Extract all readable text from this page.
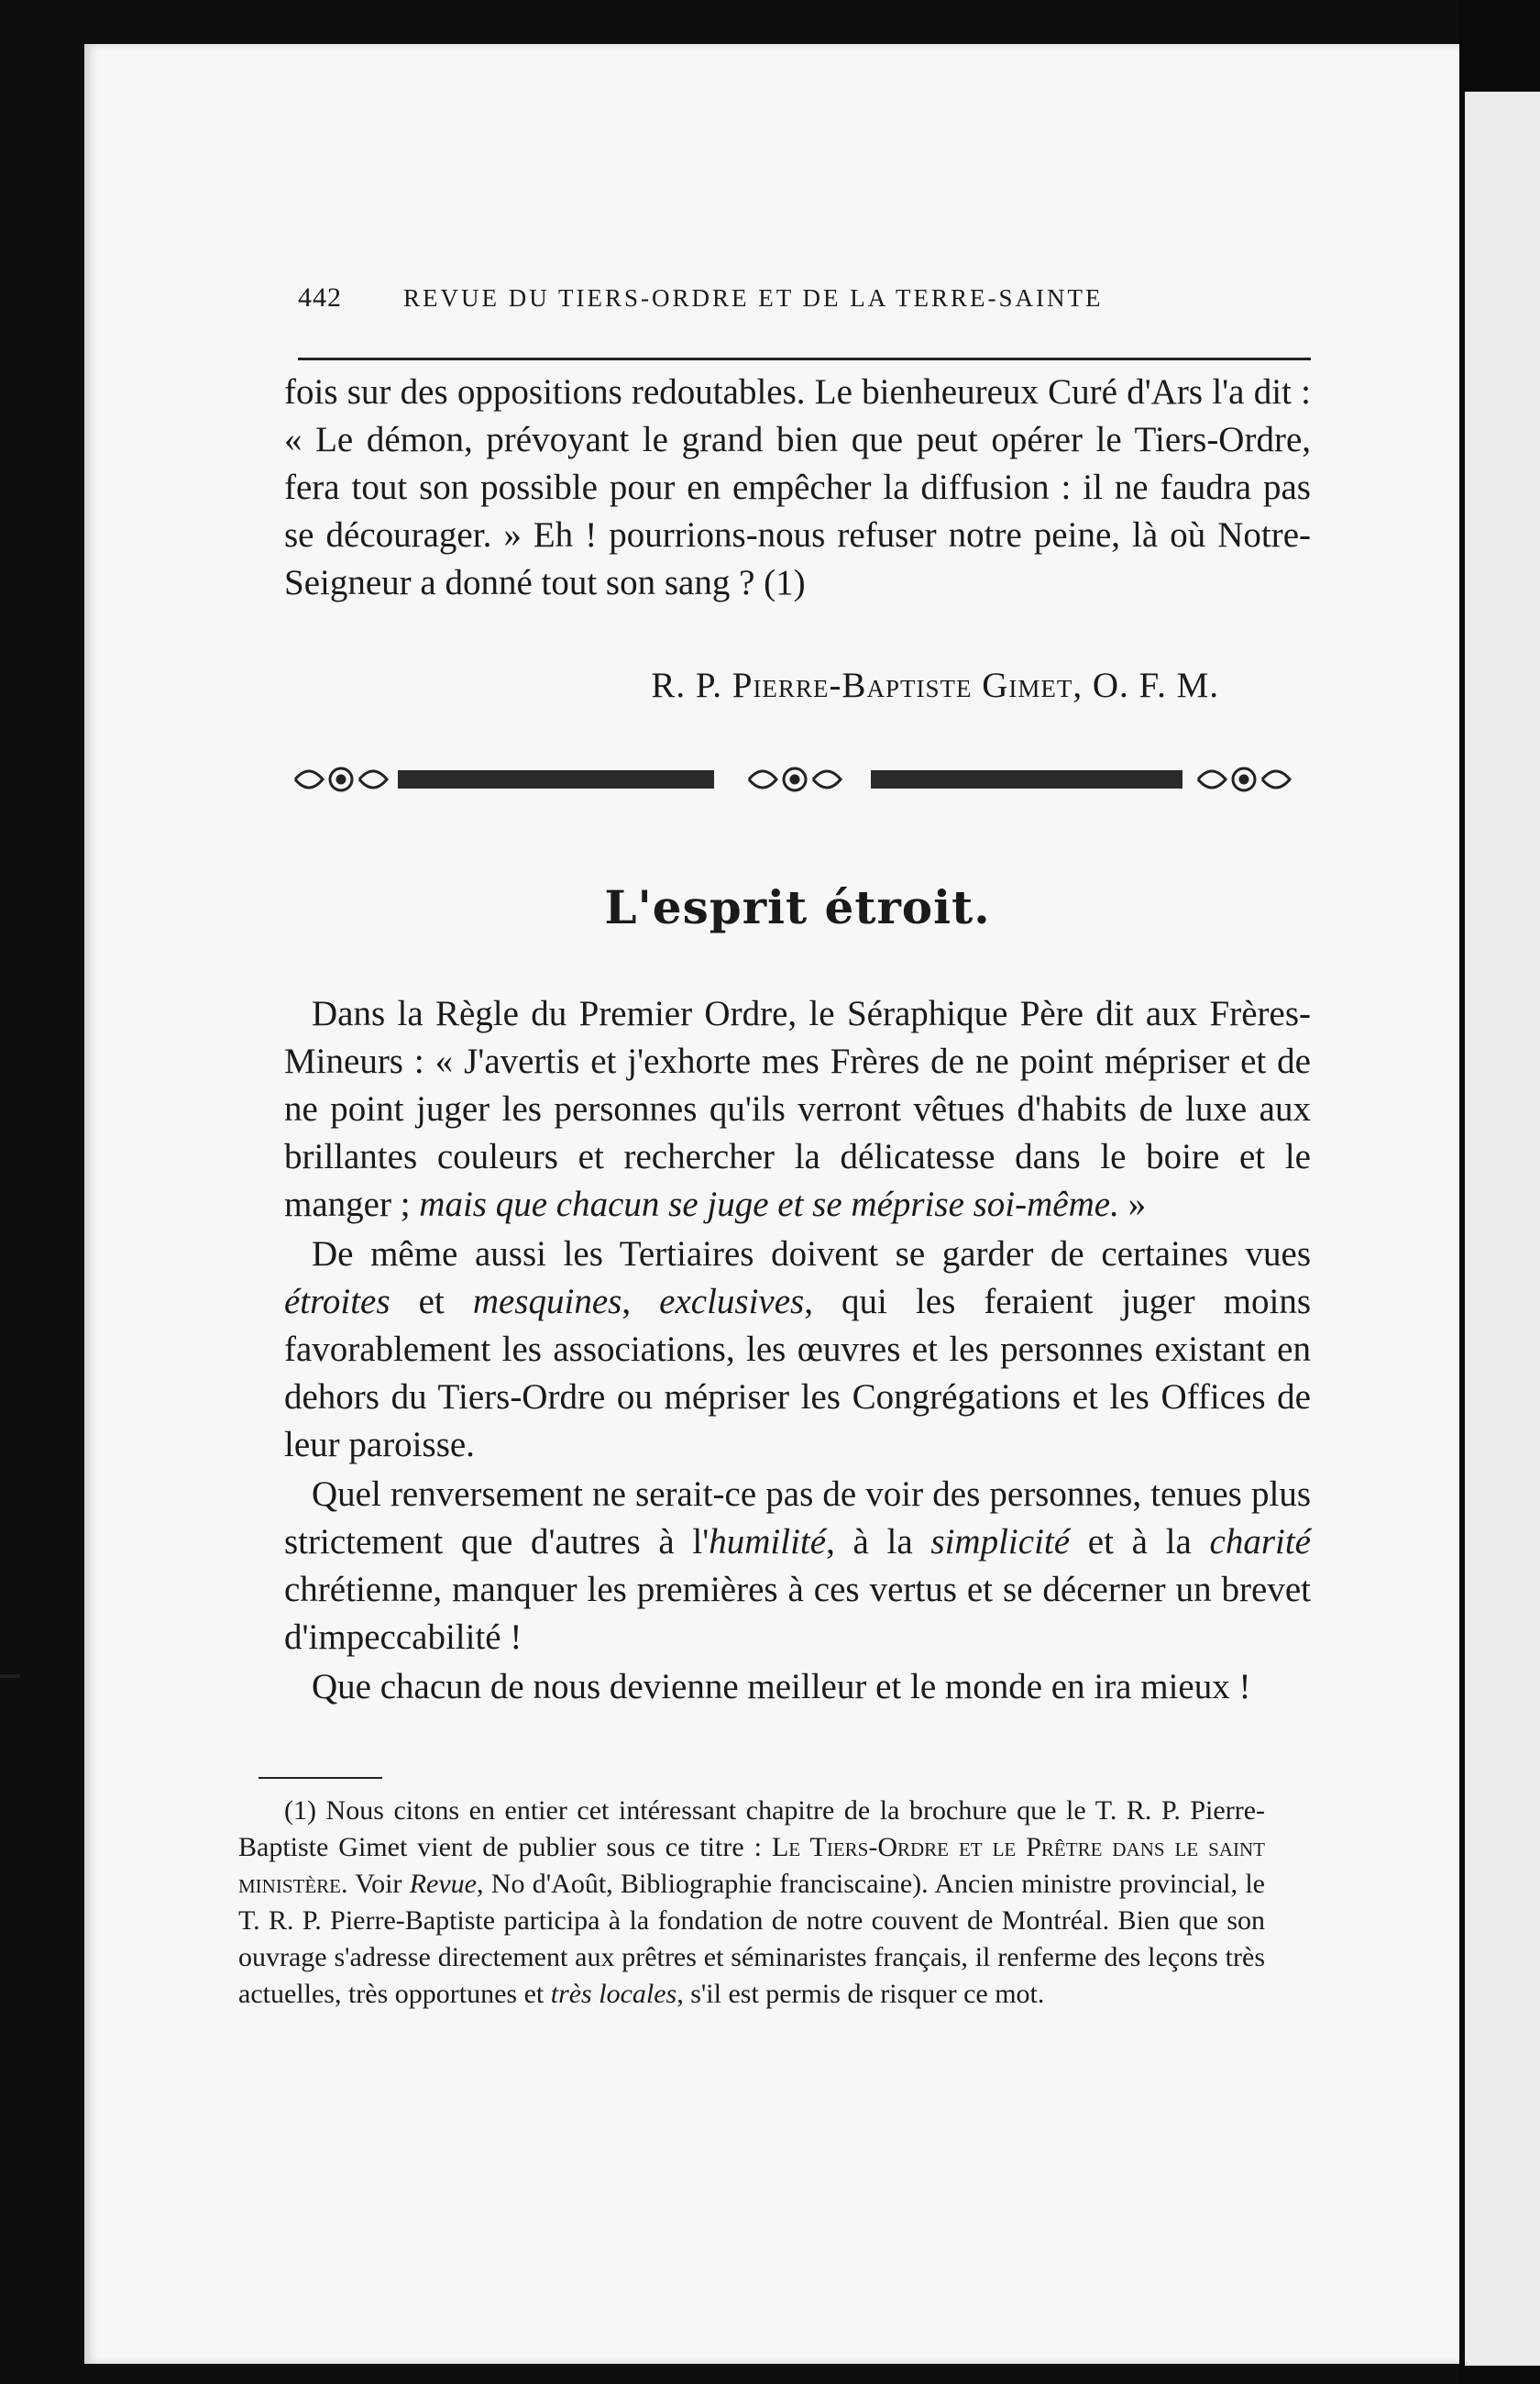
442	REVUE DU TIERS-ORDRE ET DE LA TERRE-SAINTE

fois sur des oppositions redoutables. Le bienheureux Curé d'Ars l'a dit : « Le démon, prévoyant le grand bien que peut opérer le Tiers-Ordre, fera tout son possible pour en empêcher la diffusion : il ne faudra pas se décourager. » Eh ! pourrions-nous refuser notre peine, là où Notre-Seigneur a donné tout son sang ? (1)

R. P. Pierre-Baptiste Gimet, O. F. M.
L'esprit étroit.

Dans la Règle du Premier Ordre, le Séraphique Père dit aux Frères-Mineurs : « J'avertis et j'exhorte mes Frères de ne point mépriser et de ne point juger les personnes qu'ils verront vêtues d'habits de luxe aux brillantes couleurs et rechercher la délicatesse dans le boire et le manger ; mais que chacun se juge et se méprise soi-même. »

De même aussi les Tertiaires doivent se garder de certaines vues étroites et mesquines, exclusives, qui les feraient juger moins favorablement les associations, les œuvres et les personnes existant en dehors du Tiers-Ordre ou mépriser les Congrégations et les Offices de leur paroisse.

Quel renversement ne serait-ce pas de voir des personnes, tenues plus strictement que d'autres à l'humilité, à la simplicité et à la charité chrétienne, manquer les premières à ces vertus et se décerner un brevet d'impeccabilité !

Que chacun de nous devienne meilleur et le monde en ira mieux !

(1) Nous citons en entier cet intéressant chapitre de la brochure que le T. R. P. Pierre-Baptiste Gimet vient de publier sous ce titre : Le Tiers-Ordre et le Prêtre dans le saint ministère. Voir Revue, No d'Août, Bibliographie franciscaine). Ancien ministre provincial, le T. R. P. Pierre-Baptiste participa à la fondation de notre couvent de Montréal. Bien que son ouvrage s'adresse directement aux prêtres et séminaristes français, il renferme des leçons très actuelles, très opportunes et très locales, s'il est permis de risquer ce mot.
